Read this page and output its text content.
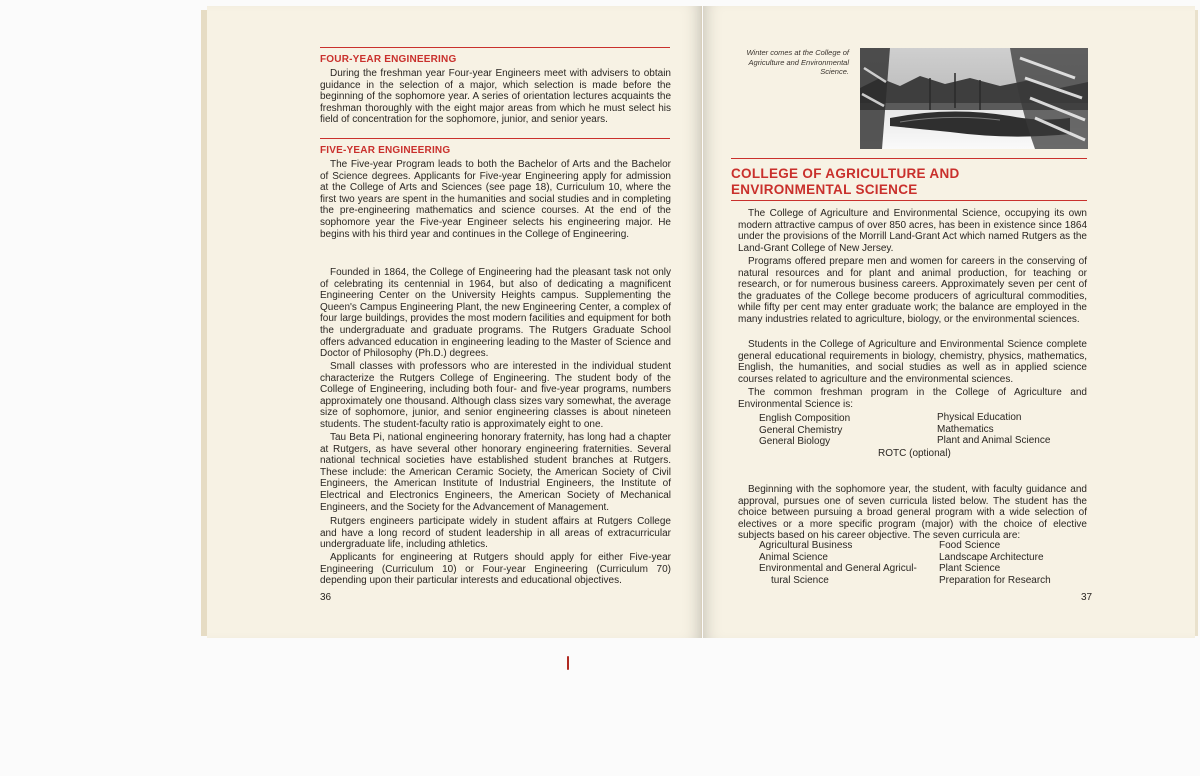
FOUR-YEAR ENGINEERING

During the freshman year Four-year Engineers meet with advisers to obtain guidance in the selection of a major, which selection is made before the beginning of the sophomore year. A series of orientation lectures acquaints the freshman thoroughly with the eight major areas from which he must select his field of concentration for the sophomore, junior, and senior years.

FIVE-YEAR ENGINEERING

The Five-year Program leads to both the Bachelor of Arts and the Bachelor of Science degrees. Applicants for Five-year Engineering apply for admission at the College of Arts and Sciences (see page 18), Curriculum 10, where the first two years are spent in the humanities and social studies and in completing the pre-engineering mathematics and science courses. At the end of the sophomore year the Five-year Engineer selects his engineering major. He begins with his third year and continues in the College of Engineering.

Founded in 1864, the College of Engineering had the pleasant task not only of celebrating its centennial in 1964, but also of dedicating a magnificent Engineering Center on the University Heights campus. Supplementing the Queen's Campus Engineering Plant, the new Engineering Center, a complex of four large buildings, provides the most modern facilities and equipment for both the undergraduate and graduate programs. The Rutgers Graduate School offers advanced education in engineering leading to the Master of Science and Doctor of Philosophy (Ph.D.) degrees.

Small classes with professors who are interested in the individual student characterize the Rutgers College of Engineering. The student body of the College of Engineering, including both four- and five-year programs, numbers approximately one thousand. Although class sizes vary somewhat, the average size of sophomore, junior, and senior engineering classes is about nineteen students. The student-faculty ratio is approximately eight to one.

Tau Beta Pi, national engineering honorary fraternity, has long had a chapter at Rutgers, as have several other honorary engineering fraternities. Several national technical societies have established student branches at Rutgers. These include: the American Ceramic Society, the American Society of Civil Engineers, the American Institute of Industrial Engineers, the Institute of Electrical and Electronics Engineers, the American Society of Mechanical Engineers, and the Society for the Advancement of Management.

Rutgers engineers participate widely in student affairs at Rutgers College and have a long record of student leadership in all areas of extracurricular undergraduate life, including athletics.

Applicants for engineering at Rutgers should apply for either Five-year Engineering (Curriculum 10) or Four-year Engineering (Curriculum 70) depending upon their particular interests and educational objectives.

36
Winter comes at the College of Agriculture and Environmental Science.
COLLEGE OF AGRICULTURE AND
ENVIRONMENTAL SCIENCE

The College of Agriculture and Environmental Science, occupying its own modern attractive campus of over 850 acres, has been in existence since 1864 under the provisions of the Morrill Land-Grant Act which named Rutgers as the Land-Grant College of New Jersey.

Programs offered prepare men and women for careers in the conserving of natural resources and for plant and animal production, for teaching or research, or for numerous business careers. Approximately seven per cent of the graduates of the College become producers of agricultural commodities, while fifty per cent may enter graduate work; the balance are employed in the many industries related to agriculture, biology, or the environmental sciences.

Students in the College of Agriculture and Environmental Science complete general educational requirements in biology, chemistry, physics, mathematics, English, the humanities, and social studies as well as in applied science courses related to agriculture and the environmental sciences.

The common freshman program in the College of Agriculture and Environmental Science is:

English Composition
General Chemistry
General Biology
Physical Education
Mathematics
Plant and Animal Science
ROTC (optional)

Beginning with the sophomore year, the student, with faculty guidance and approval, pursues one of seven curricula listed below. The student has the choice between pursuing a broad general program with a wide selection of electives or a more specific program (major) with the choice of elective subjects based on his career objective. The seven curricula are:

Agricultural Business
Animal Science
Environmental and General Agricul-
tural Science
Food Science
Landscape Architecture
Plant Science
Preparation for Research
37
